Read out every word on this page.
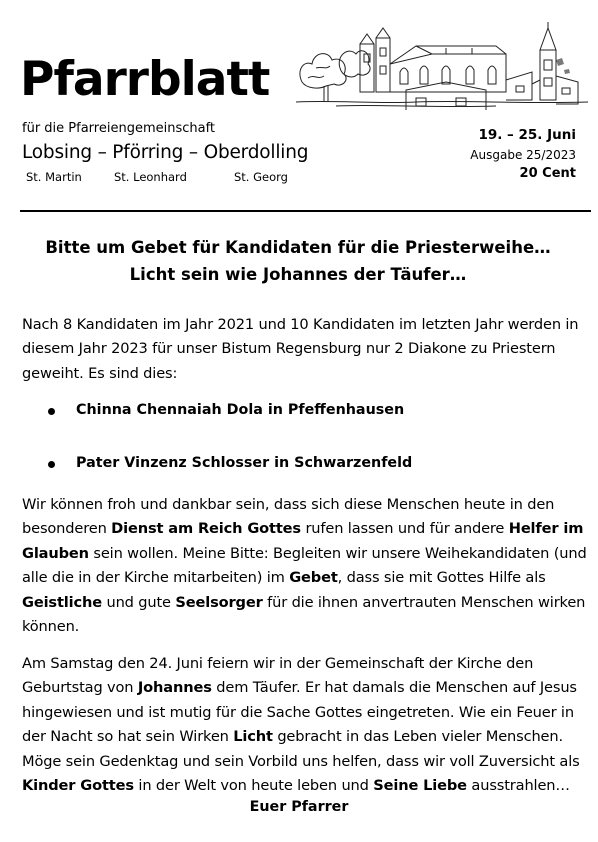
Pfarrblatt
für die Pfarreiengemeinschaft
Lobsing – Pförring – Oberdolling
St. Martin	St. Leonhard	St. Georg
19. – 25. Juni
Ausgabe 25/2023
20 Cent
Bitte um Gebet für Kandidaten für die Priesterweihe…
Licht sein wie Johannes der Täufer…
Nach 8 Kandidaten im Jahr 2021 und 10 Kandidaten im letzten Jahr werden in diesem Jahr 2023 für unser Bistum Regensburg nur 2 Diakone zu Priestern geweiht. Es sind dies:
Chinna Chennaiah Dola in Pfeffenhausen
Pater Vinzenz Schlosser in Schwarzenfeld
Wir können froh und dankbar sein, dass sich diese Menschen heute in den besonderen Dienst am Reich Gottes rufen lassen und für andere Helfer im Glauben sein wollen. Meine Bitte: Begleiten wir unsere Weihekandidaten (und alle die in der Kirche mitarbeiten) im Gebet, dass sie mit Gottes Hilfe als Geistliche und gute Seelsorger für die ihnen anvertrauten Menschen wirken können.
Am Samstag den 24. Juni feiern wir in der Gemeinschaft der Kirche den Geburtstag von Johannes dem Täufer. Er hat damals die Menschen auf Jesus hingewiesen und ist mutig für die Sache Gottes eingetreten. Wie ein Feuer in der Nacht so hat sein Wirken Licht gebracht in das Leben vieler Menschen. Möge sein Gedenktag und sein Vorbild uns helfen, dass wir voll Zuversicht als Kinder Gottes in der Welt von heute leben und Seine Liebe ausstrahlen…
Euer Pfarrer
